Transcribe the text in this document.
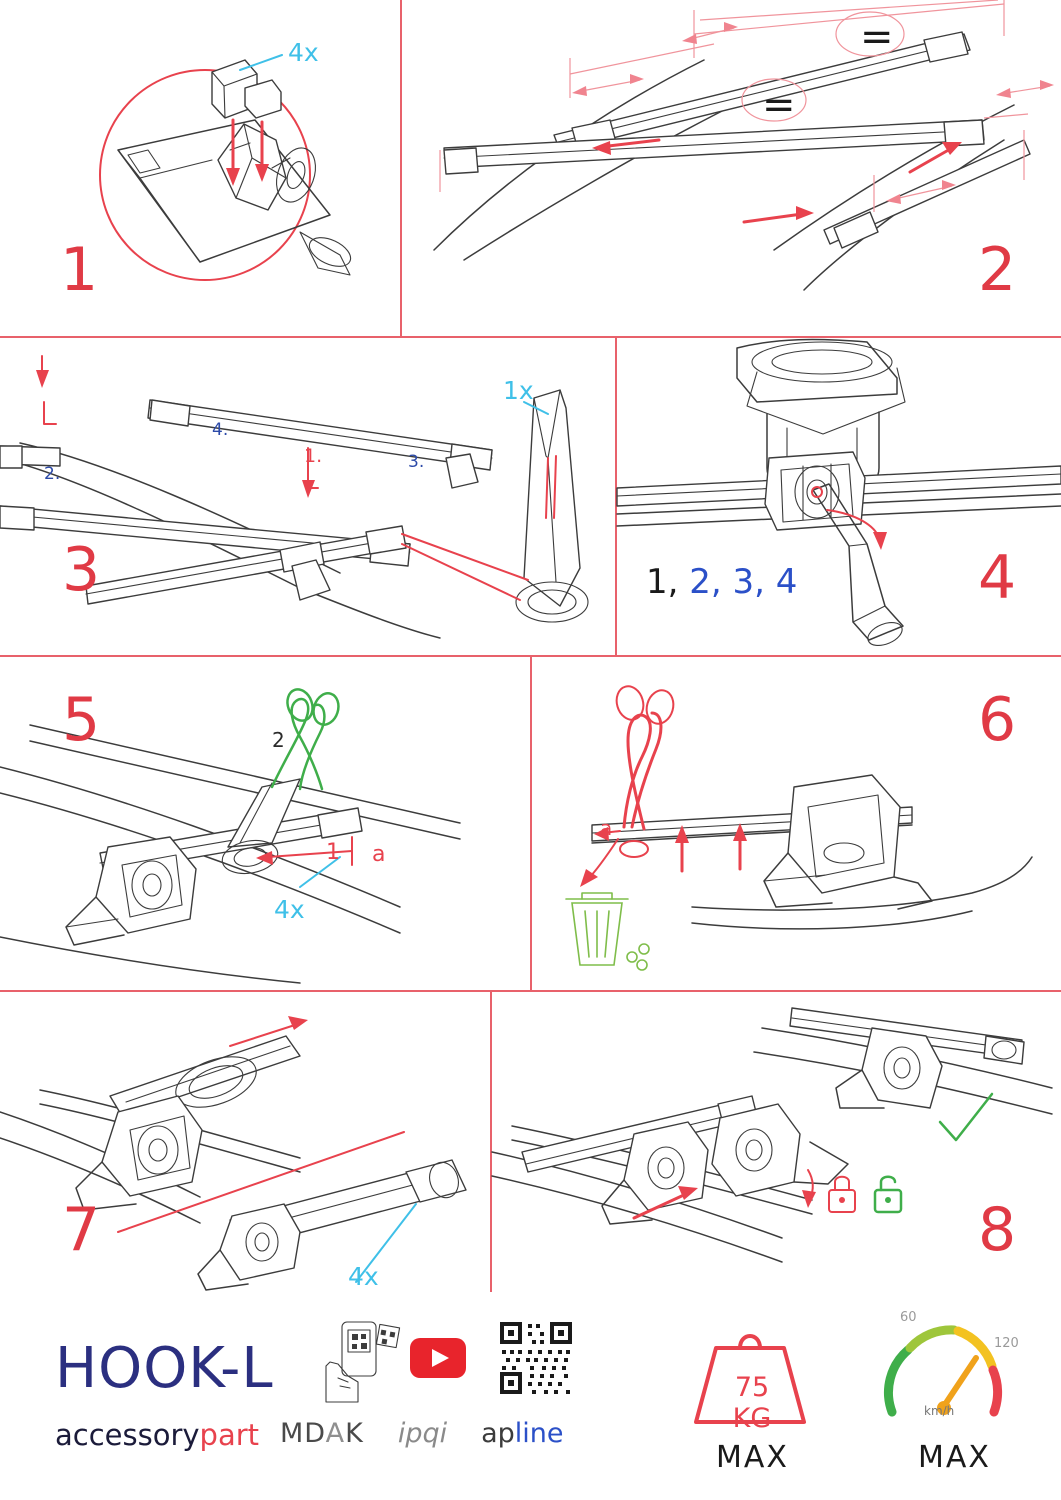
4x
1
=
=
2
1.
2.
3.
4.
1x
3	1, 2, 3, 4	4
2
1 a
4x
5
a
6
4x
7	8
HOOK-L
accessorypart MDAK ipqi apline
75 KG
MAX
60
120
km/h
MAX
